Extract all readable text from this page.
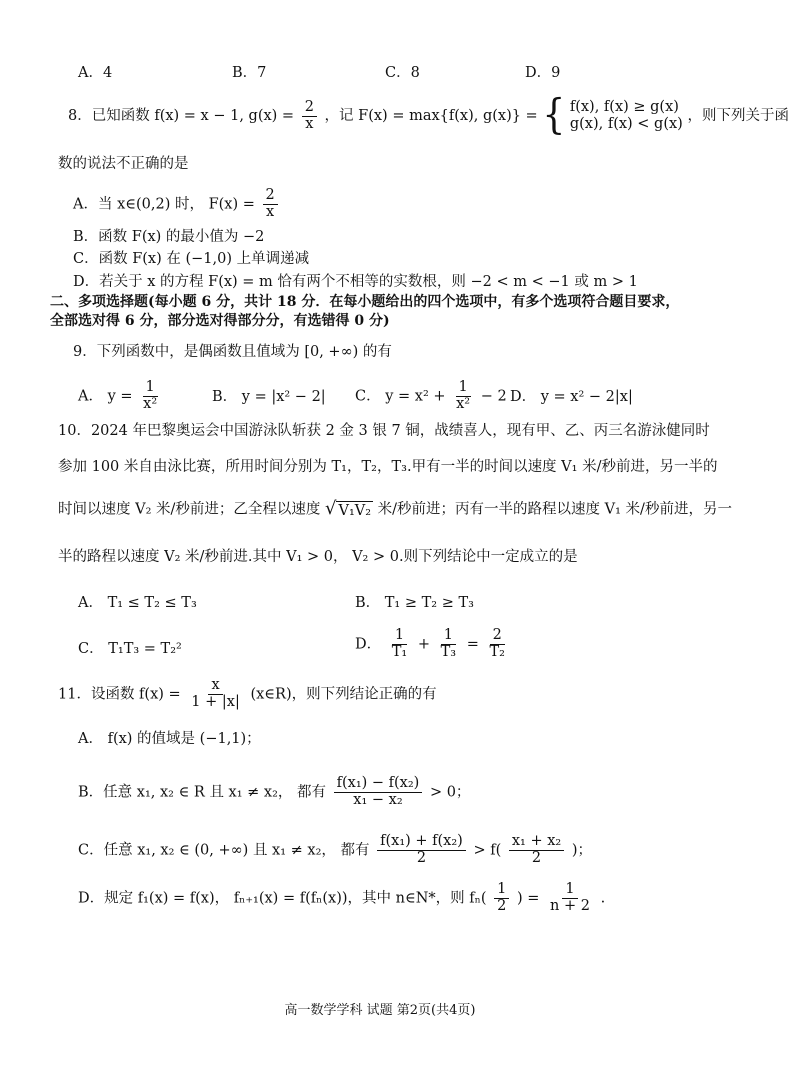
A．4	B．7	C．8	D．9
8．已知函数 f(x) = x − 1, $g(x) = \frac{2}{x}$ ，记 F(x) = max{f(x), g(x)} = { f(x), f(x) ≥ g(x)
g(x), f(x) < g(x) ，则下列关于函
数的说法不正确的是
A．当 x∈(0,2) 时， $F(x) = \frac{2}{x}$
B．函数 F(x) 的最小值为 −2
C．函数 F(x) 在 (−1,0) 上单调递减
D．若关于 x 的方程 F(x) = m 恰有两个不相等的实数根，则 −2 < m < −1 或 m > 1
二、多项选择题(每小题 6 分，共计 18 分．在每小题给出的四个选项中，有多个选项符合题目要求，
全部选对得 6 分，部分选对得部分分，有选错得 0 分)
9．下列函数中，是偶函数且值域为 [0, +∞) 的有
A． $y = \frac{1}{\text{x²}}$	B． y = |x² − 2| C． $y = x^2 + \frac{1}{\text{x²}} - 2$ D． y = x² − 2|x|
10．2024 年巴黎奥运会中国游泳队斩获 2 金 3 银 7 铜，战绩喜人，现有甲、乙、丙三名游泳健同时
参加 100 米自由泳比赛，所用时间分别为 T₁，T₂，T₃.甲有一半的时间以速度 V₁ 米/秒前进，另一半的
时间以速度 V₂ 米/秒前进；乙全程以速度 √ V₁V₂ 米/秒前进；丙有一半的路程以速度 V₁ 米/秒前进，另一
半的路程以速度 V₂ 米/秒前进.其中 V₁ > 0， V₂ > 0.则下列结论中一定成立的是
A． T₁ ≤ T₂ ≤ T₃	B． T₁ ≥ T₂ ≥ T₃
C． T₁T₃ = T₂²	D． $\frac{1}{\text{T₁}} + \frac{1}{\text{T₃}} = \frac{2}{\text{T₂}}$
11．设函数 $f(x) = \frac{x}{1 + |x|}$ (x∈R)，则下列结论正确的有
A． f(x) 的值域是 (−1,1)；
B．任意 x₁, x₂ ∈ R 且 x₁ ≠ x₂， 都有 $\frac{\text{f(x₁) − f(x₂)}}{\text{x₁ − x₂}} > 0$；
C．任意 x₁, x₂ ∈ (0, +∞) 且 x₁ ≠ x₂， 都有 $\frac{\text{f(x₁) + f(x₂)}}{2} > f( \frac{\text{x₁ + x₂}}{2}$ )；
D．规定 f₁(x) = f(x)， fₙ₊₁(x) = f(fₙ(x))，其中 n∈N*，则 $f_n( \frac{1}{2}$ ) = $\frac{1}{n + 2}$ .
高一数学学科 试题 第2页(共4页)
